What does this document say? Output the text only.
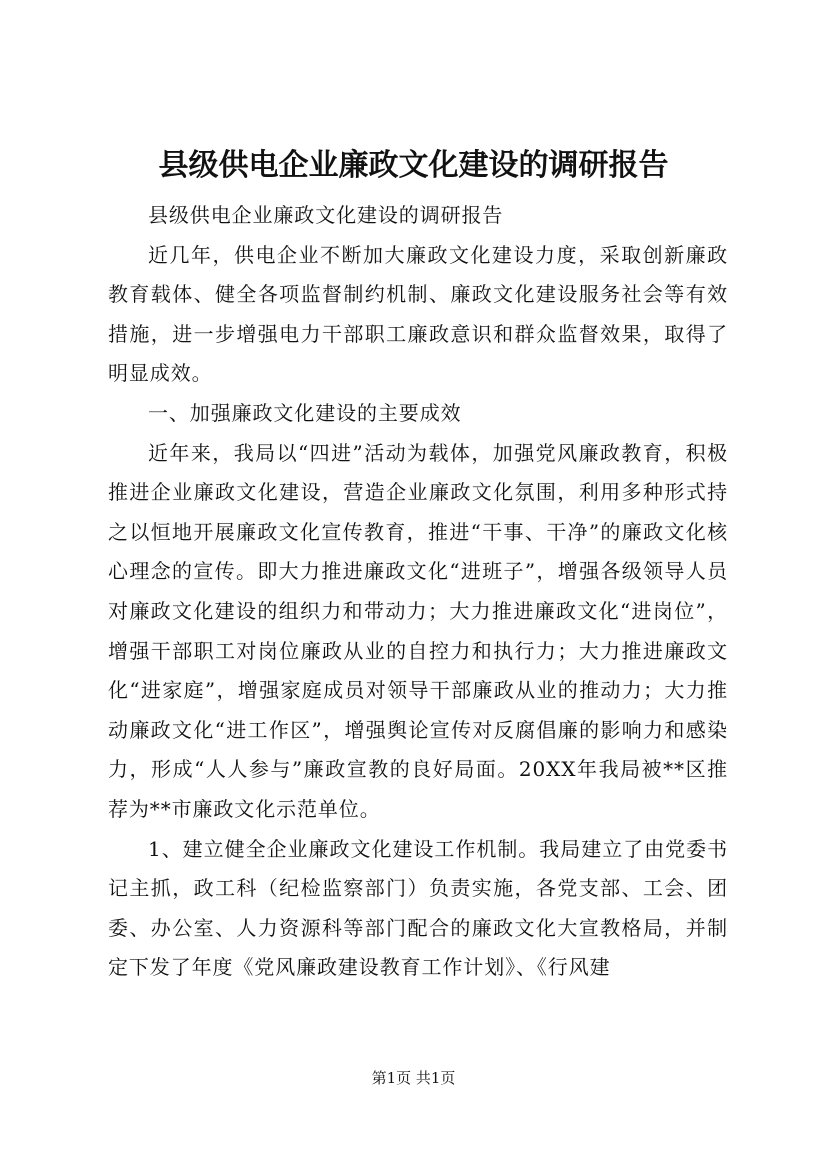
县级供电企业廉政文化建设的调研报告

县级供电企业廉政文化建设的调研报告

近几年，供电企业不断加大廉政文化建设力度，采取创新廉政教育载体、健全各项监督制约机制、廉政文化建设服务社会等有效措施，进一步增强电力干部职工廉政意识和群众监督效果，取得了明显成效。

一、加强廉政文化建设的主要成效

近年来，我局以“四进”活动为载体，加强党风廉政教育，积极推进企业廉政文化建设，营造企业廉政文化氛围，利用多种形式持之以恒地开展廉政文化宣传教育，推进“干事、干净”的廉政文化核心理念的宣传。即大力推进廉政文化“进班子”，增强各级领导人员对廉政文化建设的组织力和带动力；大力推进廉政文化“进岗位”，增强干部职工对岗位廉政从业的自控力和执行力；大力推进廉政文化“进家庭”，增强家庭成员对领导干部廉政从业的推动力；大力推动廉政文化“进工作区”，增强舆论宣传对反腐倡廉的影响力和感染力，形成“人人参与”廉政宣教的良好局面。20XX年我局被**区推荐为**市廉政文化示范单位。

1、建立健全企业廉政文化建设工作机制。我局建立了由党委书记主抓，政工科（纪检监察部门）负责实施，各党支部、工会、团委、办公室、人力资源科等部门配合的廉政文化大宣教格局，并制定下发了年度《党风廉政建设教育工作计划》、《行风建

第1页 共1页
